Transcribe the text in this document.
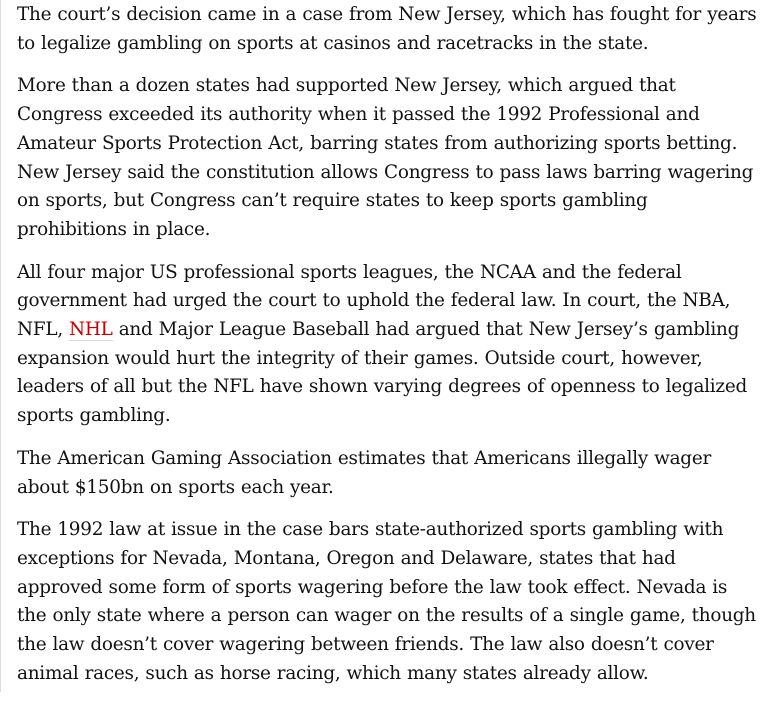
The court’s decision came in a case from New Jersey, which has fought for years to legalize gambling on sports at casinos and racetracks in the state.

More than a dozen states had supported New Jersey, which argued that Congress exceeded its authority when it passed the 1992 Professional and Amateur Sports Protection Act, barring states from authorizing sports betting. New Jersey said the constitution allows Congress to pass laws barring wagering on sports, but Congress can’t require states to keep sports gambling prohibitions in place.

All four major US professional sports leagues, the NCAA and the federal government had urged the court to uphold the federal law. In court, the NBA, NFL, NHL and Major League Baseball had argued that New Jersey’s gambling expansion would hurt the integrity of their games. Outside court, however, leaders of all but the NFL have shown varying degrees of openness to legalized sports gambling.

The American Gaming Association estimates that Americans illegally wager about $150bn on sports each year.

The 1992 law at issue in the case bars state-authorized sports gambling with exceptions for Nevada, Montana, Oregon and Delaware, states that had approved some form of sports wagering before the law took effect. Nevada is the only state where a person can wager on the results of a single game, though the law doesn’t cover wagering between friends. The law also doesn’t cover animal races, such as horse racing, which many states already allow.
